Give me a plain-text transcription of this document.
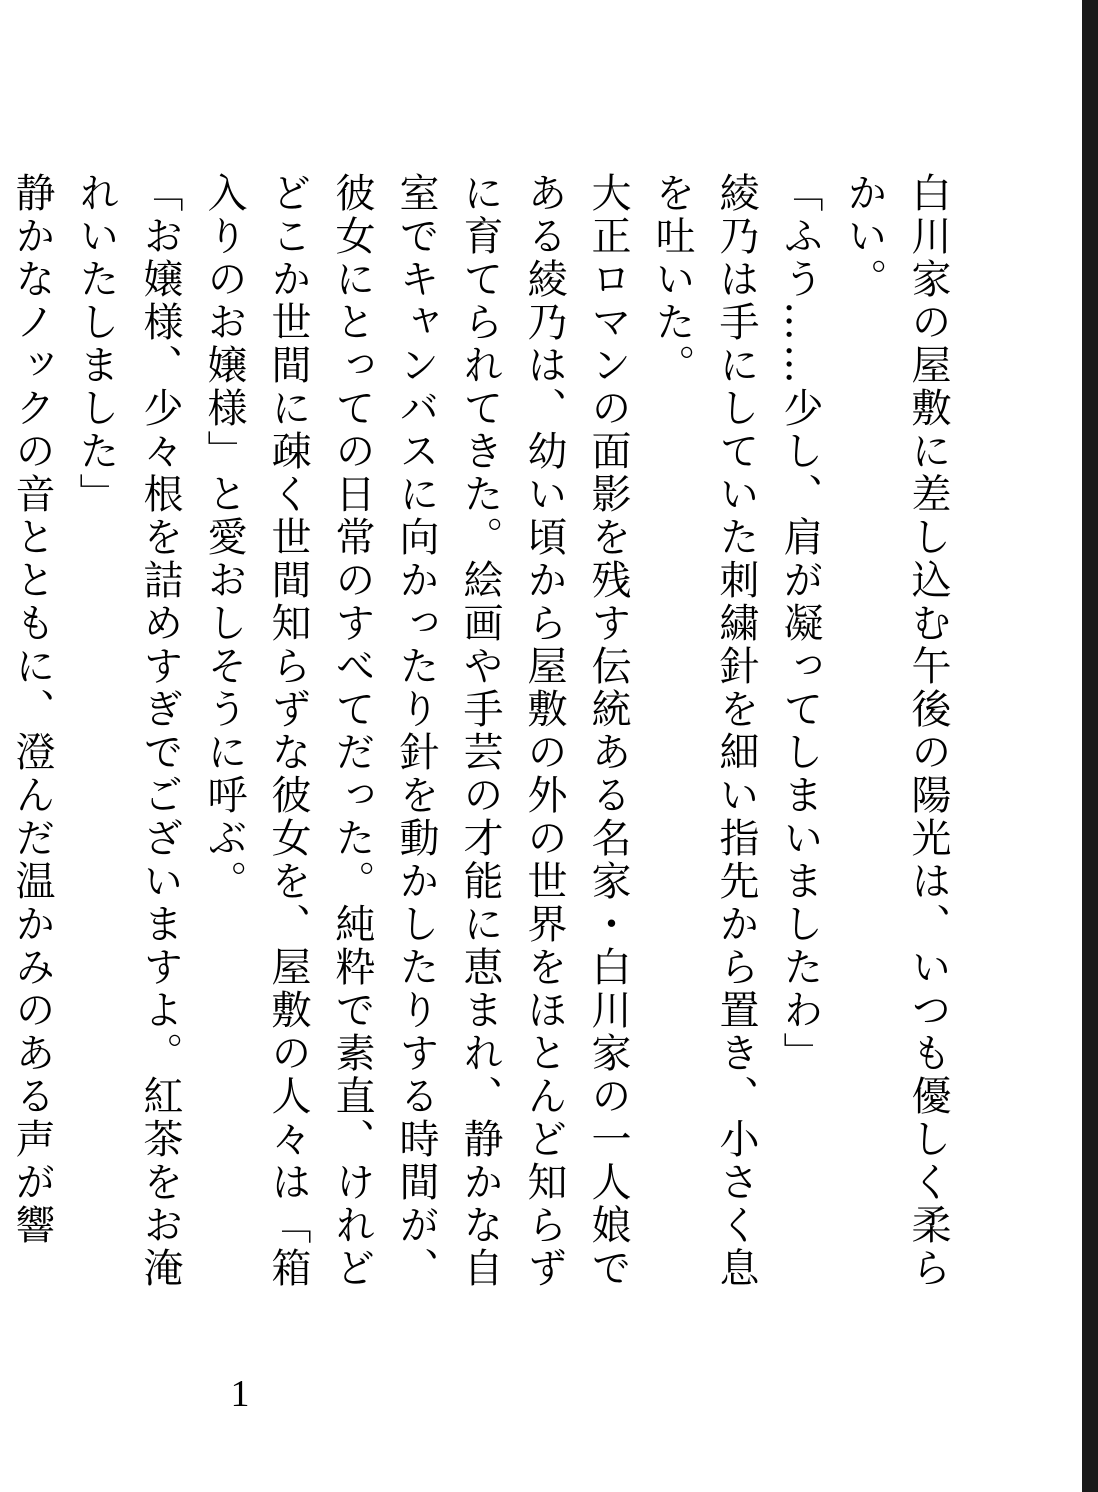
白川家の屋敷に差し込む午後の陽光は、いつも優しく柔らかい。

「ふう……少し、肩が凝ってしまいましたわ」

綾乃は手にしていた刺繍針を細い指先から置き、小さく息を吐いた。

大正ロマンの面影を残す伝統ある名家・白川家の一人娘である綾乃は、幼い頃から屋敷の外の世界をほとんど知らずに育てられてきた。絵画や手芸の才能に恵まれ、静かな自室でキャンバスに向かったり針を動かしたりする時間が、彼女にとっての日常のすべてだった。純粋で素直、けれどどこか世間に疎く世間知らずな彼女を、屋敷の人々は「箱入りのお嬢様」と愛おしそうに呼ぶ。

「お嬢様、少々根を詰めすぎでございますよ。紅茶をお淹れいたしました」

静かなノックの音とともに、澄んだ温かみのある声が響

1
